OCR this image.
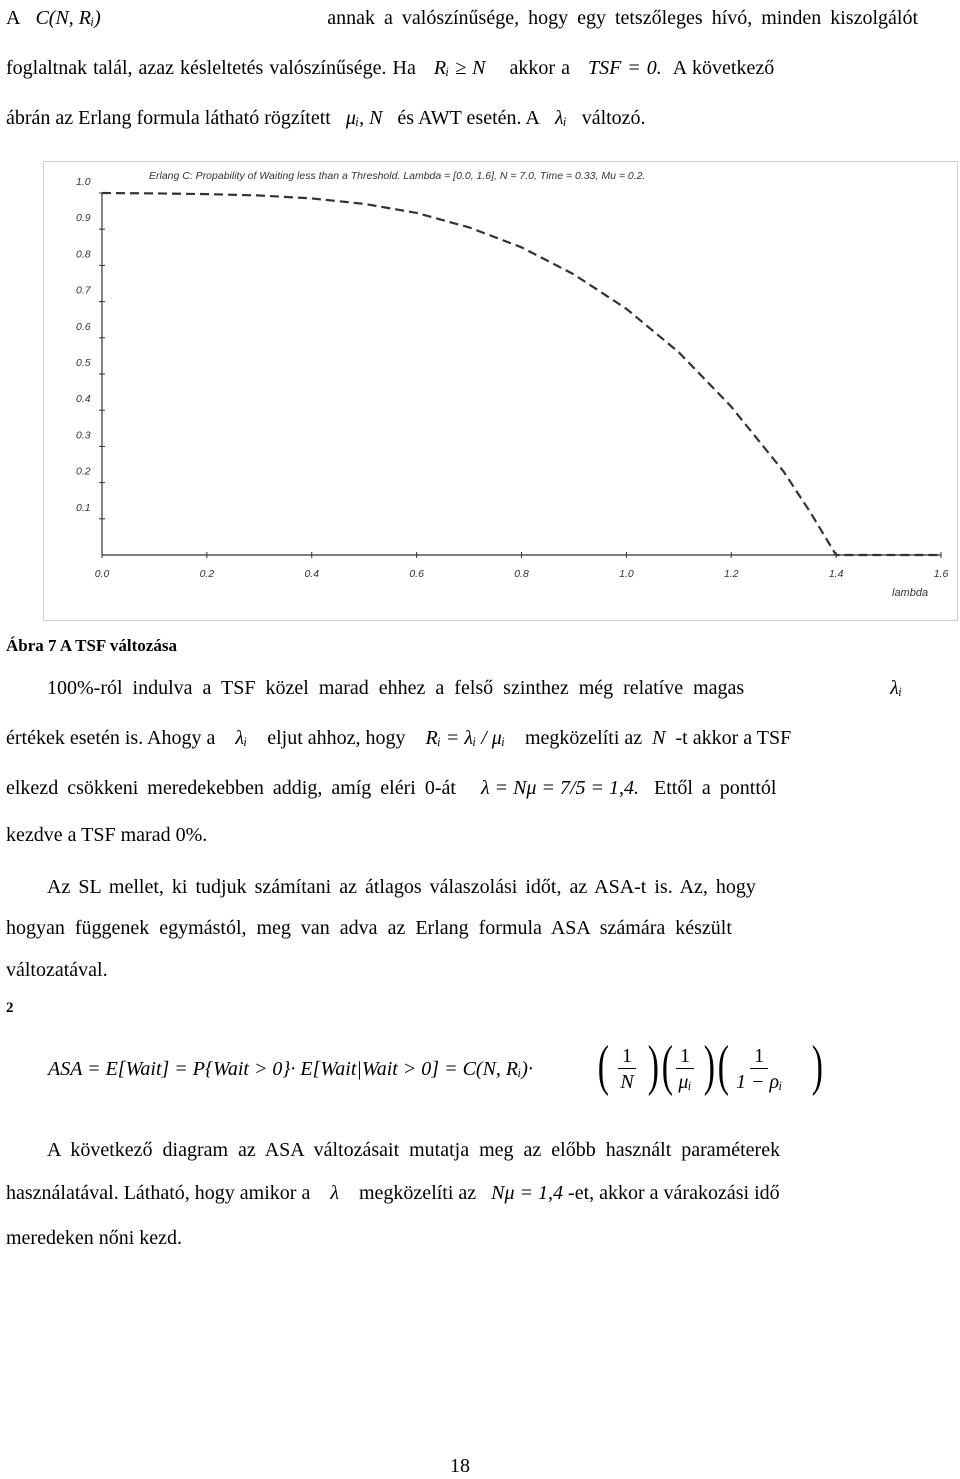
A C(N, Rᵢ)	annak a valószínűsége, hogy egy tetszőleges hívó, minden kiszolgálót
foglaltnak talál, azaz késleltetés valószínűsége. Ha Rᵢ ≥ N akkor a TSF = 0. A következő
ábrán az Erlang formula látható rögzített μᵢ, N és AWT esetén. A λᵢ változó.
Erlang C: Propability of Waiting less than a Threshold. Lambda = [0.0, 1.6], N = 7.0, Time = 0.33, Mu = 0.2.
0.1
0.2
0.3
0.4
0.5
0.6
0.7
0.8
0.9
1.0
0.0	0.2	0.4	0.6	0.8	1.0	1.2	1.4	1.6
lambda
Ábra 7 A TSF változása
100%-ról indulva a TSF közel marad ehhez a felső szinthez még relatíve magas	λᵢ
értékek esetén is. Ahogy a λᵢ eljut ahhoz, hogy Rᵢ = λᵢ / μᵢ megközelíti az N -t akkor a TSF
elkezd csökkeni meredekebben addig, amíg eléri 0-át λ = Nμ = 7/5 = 1,4. Ettől a ponttól
kezdve a TSF marad 0%.
Az SL mellet, ki tudjuk számítani az átlagos válaszolási időt, az ASA-t is. Az, hogy
hogyan függenek egymástól, meg van adva az Erlang formula ASA számára készült
változatával.
2
ASA = E[Wait] = P{Wait > 0}· E[Wait|Wait > 0] = C(N, Rᵢ)· ( $\frac{1}{N}$ ) ( $\frac{1}{\text{μᵢ}}$ ) ( $\frac{1}{\text{1 − ρᵢ}}$ )
A következő diagram az ASA változásait mutatja meg az előbb használt paraméterek
használatával. Látható, hogy amikor a λ megközelíti az Nμ = 1,4 -et, akkor a várakozási idő
meredeken nőni kezd.
18
